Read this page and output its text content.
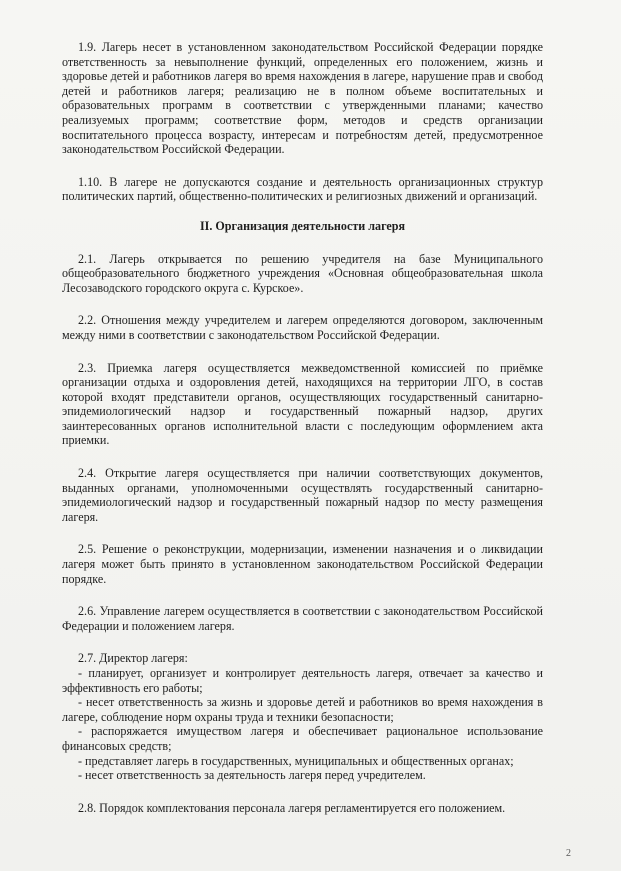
1.9. Лагерь несет в установленном законодательством Российской Федерации порядке ответственность за невыполнение функций, определенных его положением, жизнь и здоровье детей и работников лагеря во время нахождения в лагере, нарушение прав и свобод детей и работников лагеря; реализацию не в полном объеме воспитательных и образовательных программ в соответствии с утвержденными планами; качество реализуемых программ; соответствие форм, методов и средств организации воспитательного процесса возрасту, интересам и потребностям детей, предусмотренное законодательством Российской Федерации.

1.10. В лагере не допускаются создание и деятельность организационных структур политических партий, общественно-политических и религиозных движений и организаций.

II. Организация деятельности лагеря

2.1. Лагерь открывается по решению учредителя на базе Муниципального общеобразовательного бюджетного учреждения «Основная общеобразовательная школа Лесозаводского городского округа с. Курское».

2.2. Отношения между учредителем и лагерем определяются договором, заключенным между ними в соответствии с законодательством Российской Федерации.

2.3. Приемка лагеря осуществляется межведомственной комиссией по приёмке организации отдыха и оздоровления детей, находящихся на территории ЛГО, в состав которой входят представители органов, осуществляющих государственный санитарно-эпидемиологический надзор и государственный пожарный надзор, других заинтересованных органов исполнительной власти с последующим оформлением акта приемки.

2.4. Открытие лагеря осуществляется при наличии соответствующих документов, выданных органами, уполномоченными осуществлять государственный санитарно-эпидемиологический надзор и государственный пожарный надзор по месту размещения лагеря.

2.5. Решение о реконструкции, модернизации, изменении назначения и о ликвидации лагеря может быть принято в установленном законодательством Российской Федерации порядке.

2.6. Управление лагерем осуществляется в соответствии с законодательством Российской Федерации и положением лагеря.

2.7. Директор лагеря:

- планирует, организует и контролирует деятельность лагеря, отвечает за качество и эффективность его работы;

- несет ответственность за жизнь и здоровье детей и работников во время нахождения в лагере, соблюдение норм охраны труда и техники безопасности;

- распоряжается имуществом лагеря и обеспечивает рациональное использование финансовых средств;

- представляет лагерь в государственных, муниципальных и общественных органах;

- несет ответственность за деятельность лагеря перед учредителем.

2.8. Порядок комплектования персонала лагеря регламентируется его положением.

2
